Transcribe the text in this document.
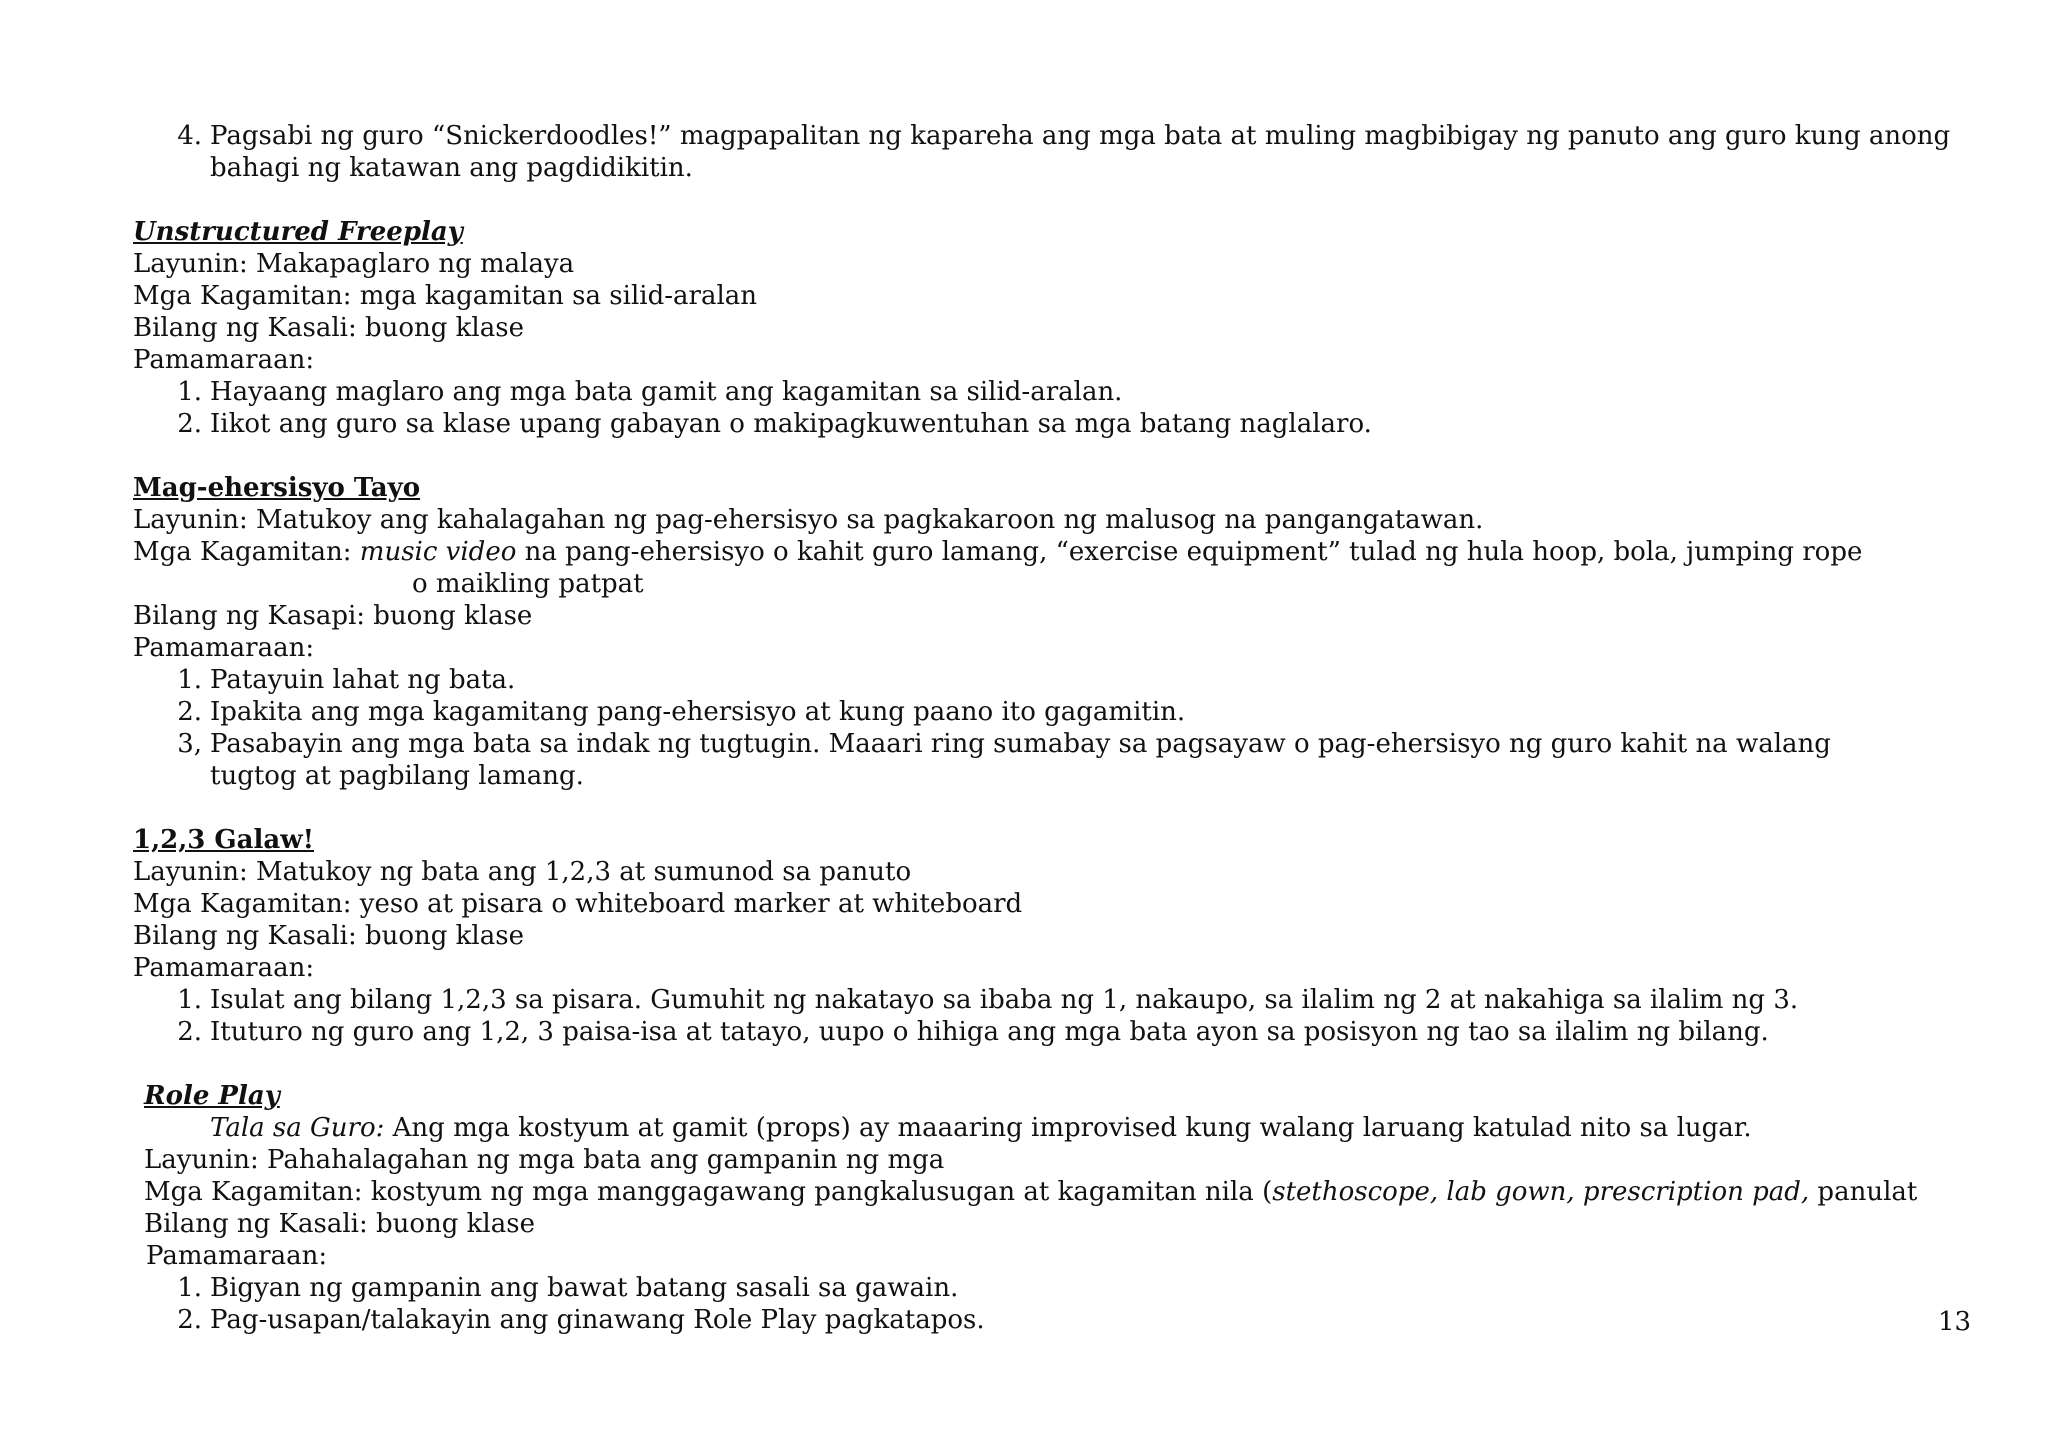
4. Pagsabi ng guro “Snickerdoodles!” magpapalitan ng kapareha ang mga bata at muling magbibigay ng panuto ang guro kung anong
bahagi ng katawan ang pagdidikitin.
Unstructured Freeplay
Layunin: Makapaglaro ng malaya
Mga Kagamitan: mga kagamitan sa silid-aralan
Bilang ng Kasali: buong klase
Pamamaraan:
1. Hayaang maglaro ang mga bata gamit ang kagamitan sa silid-aralan.
2. Iikot ang guro sa klase upang gabayan o makipagkuwentuhan sa mga batang naglalaro.
Mag-ehersisyo Tayo
Layunin: Matukoy ang kahalagahan ng pag-ehersisyo sa pagkakaroon ng malusog na pangangatawan.
Mga Kagamitan: music video na pang-ehersisyo o kahit guro lamang, “exercise equipment” tulad ng hula hoop, bola, jumping rope
o maikling patpat
Bilang ng Kasapi: buong klase
Pamamaraan:
1. Patayuin lahat ng bata.
2. Ipakita ang mga kagamitang pang-ehersisyo at kung paano ito gagamitin.
3, Pasabayin ang mga bata sa indak ng tugtugin. Maaari ring sumabay sa pagsayaw o pag-ehersisyo ng guro kahit na walang
tugtog at pagbilang lamang.
1,2,3 Galaw!
Layunin: Matukoy ng bata ang 1,2,3 at sumunod sa panuto
Mga Kagamitan: yeso at pisara o whiteboard marker at whiteboard
Bilang ng Kasali: buong klase
Pamamaraan:
1. Isulat ang bilang 1,2,3 sa pisara. Gumuhit ng nakatayo sa ibaba ng 1, nakaupo, sa ilalim ng 2 at nakahiga sa ilalim ng 3.
2. Ituturo ng guro ang 1,2, 3 paisa-isa at tatayo, uupo o hihiga ang mga bata ayon sa posisyon ng tao sa ilalim ng bilang.
Role Play
Tala sa Guro: Ang mga kostyum at gamit (props) ay maaaring improvised kung walang laruang katulad nito sa lugar.
Layunin: Pahahalagahan ng mga bata ang gampanin ng mga
Mga Kagamitan: kostyum ng mga manggagawang pangkalusugan at kagamitan nila (stethoscope, lab gown, prescription pad, panulat
Bilang ng Kasali: buong klase
Pamamaraan:
1. Bigyan ng gampanin ang bawat batang sasali sa gawain.
2. Pag-usapan/talakayin ang ginawang Role Play pagkatapos.	13
